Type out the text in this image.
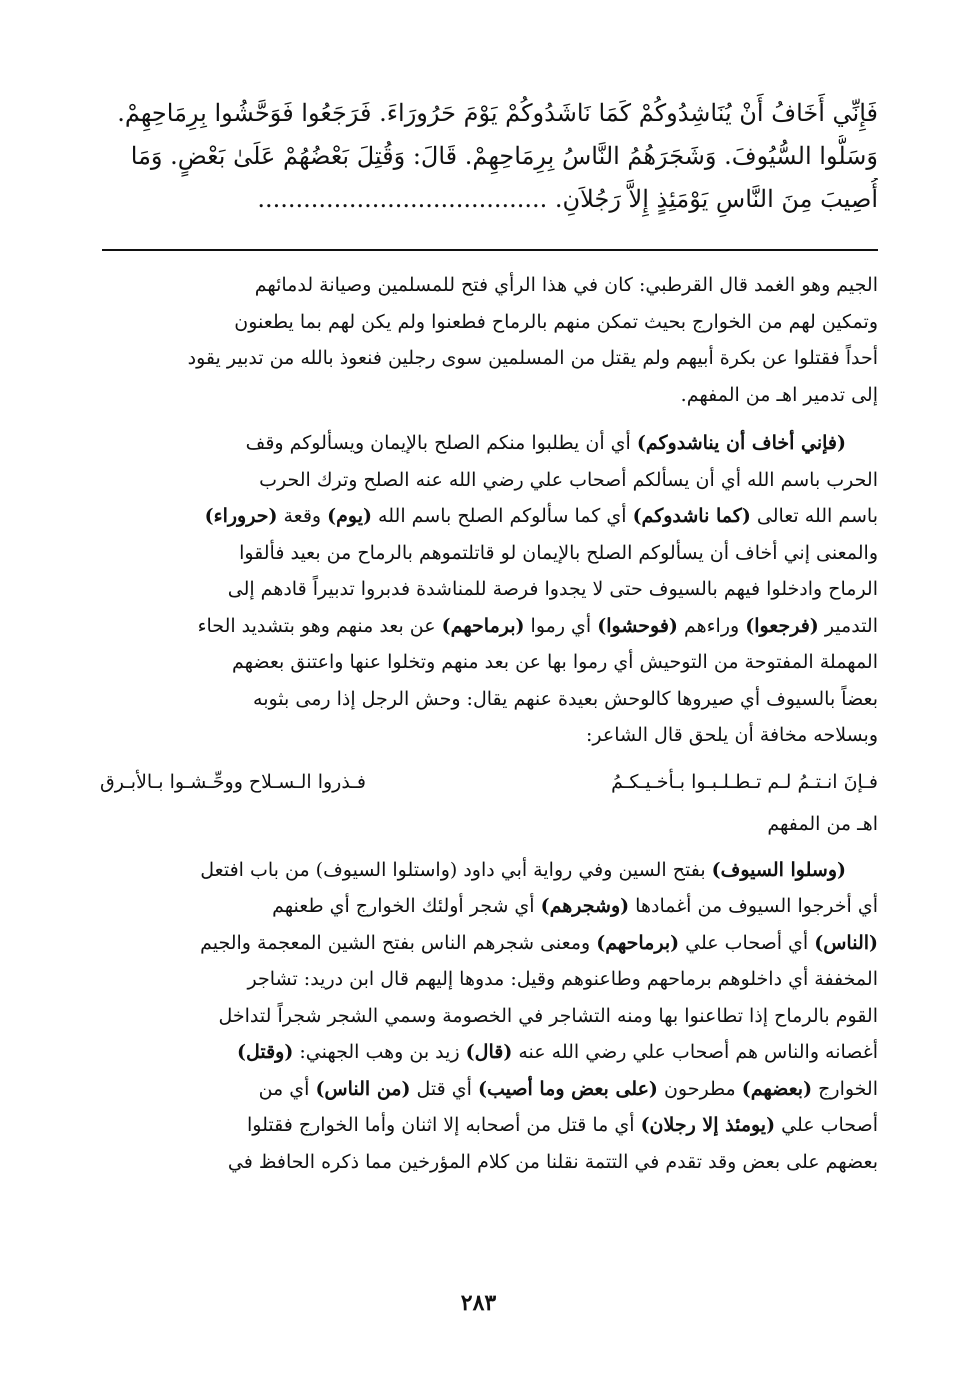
فَإِنِّي أَخَافُ أَنْ يُنَاشِدُوكُمْ كَمَا نَاشَدُوكُمْ يَوْمَ حَرُورَاءَ. فَرَجَعُوا فَوَحَّشُوا بِرِمَاحِهِمْ.
وَسَلُّوا السُّيُوفَ. وَشَجَرَهُمُ النَّاسُ بِرِمَاحِهِمْ. قَالَ: وَقُتِلَ بَعْضُهُمْ عَلَىٰ بَعْضٍ. وَمَا
أُصِيبَ مِنَ النَّاسِ يَوْمَئِذٍ إِلاَّ رَجُلاَنِ. ......................................
الجيم وهو الغمد قال القرطبي: كان في هذا الرأي فتح للمسلمين وصيانة لدمائهم
وتمكين لهم من الخوارج بحيث تمكن منهم بالرماح فطعنوا ولم يكن لهم بما يطعنون
أحداً فقتلوا عن بكرة أبيهم ولم يقتل من المسلمين سوى رجلين فنعوذ بالله من تدبير يقود
إلى تدمير اهـ من المفهم.
(فإني أخاف أن يناشدوكم) أي أن يطلبوا منكم الصلح بالإيمان ويسألوكم وقف
الحرب باسم الله أي أن يسألكم أصحاب علي رضي الله عنه الصلح وترك الحرب
باسم الله تعالى (كما ناشدوكم) أي كما سألوكم الصلح باسم الله (يوم) وقعة (حروراء)
والمعنى إني أخاف أن يسألوكم الصلح بالإيمان لو قاتلتموهم بالرماح من بعيد فألقوا
الرماح وادخلوا فيهم بالسيوف حتى لا يجدوا فرصة للمناشدة فدبروا تدبيراً قادهم إلى
التدمير (فرجعوا) وراءهم (فوحشوا) أي رموا (برماحهم) عن بعد منهم وهو بتشديد الحاء
المهملة المفتوحة من التوحيش أي رموا بها عن بعد منهم وتخلوا عنها واعتنق بعضهم
بعضاً بالسيوف أي صيروها كالوحش بعيدة عنهم يقال: وحش الرجل إذا رمى بثوبه
وبسلاحه مخافة أن يلحق قال الشاعر:
فـإنَ انـتـمُ لـم تـطـلـبـوا بـأخـيـكـمُ
فـذروا الـسـلاح ووحِّـشـوا بـالأبـرق
اهـ من المفهم
(وسلوا السيوف) بفتح السين وفي رواية أبي داود (واستلوا السيوف) من باب افتعل
أي أخرجوا السيوف من أغمادها (وشجرهم) أي شجر أولئك الخوارج أي طعنهم
(الناس) أي أصحاب علي (برماحهم) ومعنى شجرهم الناس بفتح الشين المعجمة والجيم
المخففة أي داخلوهم برماحهم وطاعنوهم وقيل: مدوها إليهم قال ابن دريد: تشاجر
القوم بالرماح إذا تطاعنوا بها ومنه التشاجر في الخصومة وسمي الشجر شجراً لتداخل
أغصانه والناس هم أصحاب علي رضي الله عنه (قال) زيد بن وهب الجهني: (وقتل)
الخوارج (بعضهم) مطرحون (على بعض وما أصيب) أي قتل (من الناس) أي من
أصحاب علي (يومئذ إلا رجلان) أي ما قتل من أصحابه إلا اثنان وأما الخوارج فقتلوا
بعضهم على بعض وقد تقدم في التتمة نقلنا من كلام المؤرخين مما ذكره الحافظ في
٢٨٣
